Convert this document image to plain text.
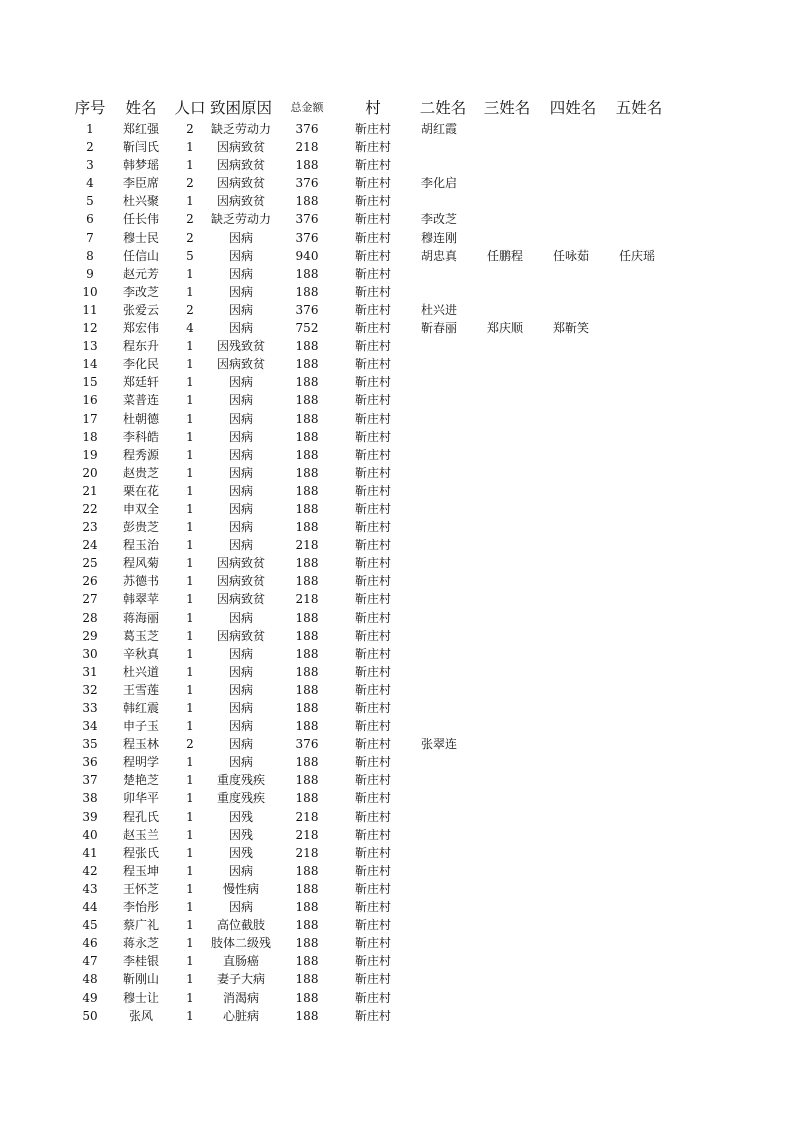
序号	姓名	人口 致困原因	总金额	村	二姓名	三姓名	四姓名	五姓名
1	郑红强	2	缺乏劳动力	376	靳庄村	胡红霞
2	靳闫氏	1	因病致贫	218	靳庄村
3	韩梦瑶	1	因病致贫	188	靳庄村
4	李臣席	2	因病致贫	376	靳庄村	李化启
5	杜兴聚	1	因病致贫	188	靳庄村
6	任长伟	2	缺乏劳动力	376	靳庄村	李改芝
7	穆士民	2	因病	376	靳庄村	穆连刚
8	任信山	5	因病	940	靳庄村	胡忠真	任鹏程	任咏茹	任庆瑶
9	赵元芳	1	因病	188	靳庄村
10	李改芝	1	因病	188	靳庄村
11	张爱云	2	因病	376	靳庄村	杜兴进
12	郑宏伟	4	因病	752	靳庄村	靳春丽	郑庆顺	郑靳笑
13	程东升	1	因残致贫	188	靳庄村
14	李化民	1	因病致贫	188	靳庄村
15	郑廷轩	1	因病	188	靳庄村
16	菜普连	1	因病	188	靳庄村
17	杜朝德	1	因病	188	靳庄村
18	李科皓	1	因病	188	靳庄村
19	程秀源	1	因病	188	靳庄村
20	赵贵芝	1	因病	188	靳庄村
21	栗在花	1	因病	188	靳庄村
22	申双全	1	因病	188	靳庄村
23	彭贵芝	1	因病	188	靳庄村
24	程玉治	1	因病	218	靳庄村
25	程风菊	1	因病致贫	188	靳庄村
26	苏德书	1	因病致贫	188	靳庄村
27	韩翠苹	1	因病致贫	218	靳庄村
28	蒋海丽	1	因病	188	靳庄村
29	葛玉芝	1	因病致贫	188	靳庄村
30	辛秋真	1	因病	188	靳庄村
31	杜兴道	1	因病	188	靳庄村
32	王雪莲	1	因病	188	靳庄村
33	韩红震	1	因病	188	靳庄村
34	申子玉	1	因病	188	靳庄村
35	程玉林	2	因病	376	靳庄村	张翠连
36	程明学	1	因病	188	靳庄村
37	楚艳芝	1	重度残疾	188	靳庄村
38	卯华平	1	重度残疾	188	靳庄村
39	程孔氏	1	因残	218	靳庄村
40	赵玉兰	1	因残	218	靳庄村
41	程张氏	1	因残	218	靳庄村
42	程玉坤	1	因病	188	靳庄村
43	王怀芝	1	慢性病	188	靳庄村
44	李怡彤	1	因病	188	靳庄村
45	蔡广礼	1	高位截肢	188	靳庄村
46	蒋永芝	1	肢体二级残	188	靳庄村
47	李桂银	1	直肠癌	188	靳庄村
48	靳刚山	1	妻子大病	188	靳庄村
49	穆士让	1	消渴病	188	靳庄村
50	张风	1	心脏病	188	靳庄村
